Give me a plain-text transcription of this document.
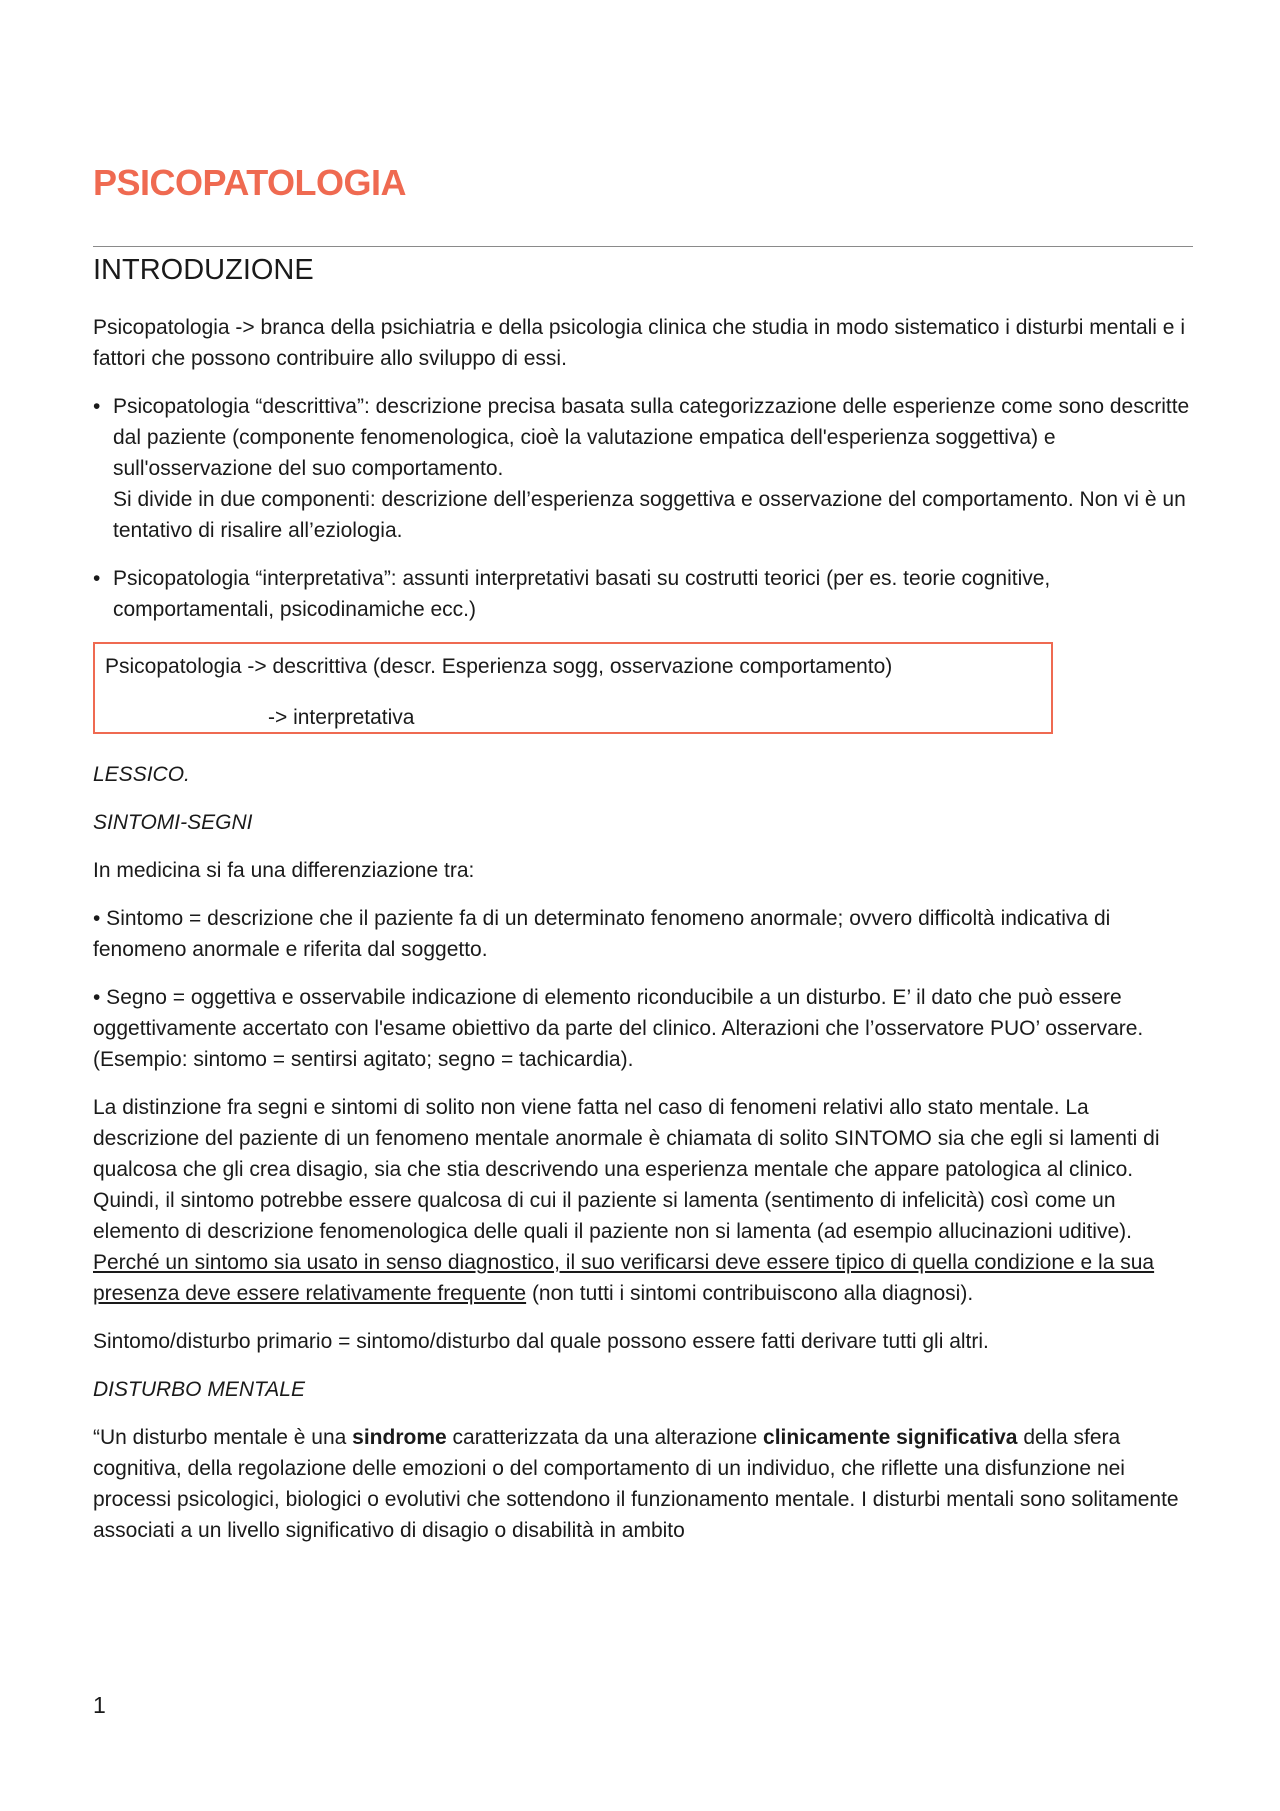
PSICOPATOLOGIA
INTRODUZIONE

Psicopatologia -> branca della psichiatria e della psicologia clinica che studia in modo sistematico i disturbi mentali e i fattori che possono contribuire allo sviluppo di essi.

• Psicopatologia “descrittiva”: descrizione precisa basata sulla categorizzazione delle esperienze come sono descritte dal paziente (componente fenomenologica, cioè la valutazione empatica dell'esperienza soggettiva) e sull'osservazione del suo comportamento.
Si divide in due componenti: descrizione dell’esperienza soggettiva e osservazione del comportamento. Non vi è un tentativo di risalire all’eziologia.
• Psicopatologia “interpretativa”: assunti interpretativi basati su costrutti teorici (per es. teorie cognitive, comportamentali, psicodinamiche ecc.)
Psicopatologia -> descrittiva (descr. Esperienza sogg, osservazione comportamento)
-> interpretativa

LESSICO.

SINTOMI-SEGNI

In medicina si fa una differenziazione tra:

• Sintomo = descrizione che il paziente fa di un determinato fenomeno anormale; ovvero difficoltà indicativa di fenomeno anormale e riferita dal soggetto.

• Segno = oggettiva e osservabile indicazione di elemento riconducibile a un disturbo. E’ il dato che può essere oggettivamente accertato con l'esame obiettivo da parte del clinico. Alterazioni che l’osservatore PUO’ osservare.
(Esempio: sintomo = sentirsi agitato; segno = tachicardia).

La distinzione fra segni e sintomi di solito non viene fatta nel caso di fenomeni relativi allo stato mentale. La descrizione del paziente di un fenomeno mentale anormale è chiamata di solito SINTOMO sia che egli si lamenti di qualcosa che gli crea disagio, sia che stia descrivendo una esperienza mentale che appare patologica al clinico. Quindi, il sintomo potrebbe essere qualcosa di cui il paziente si lamenta (sentimento di infelicità) così come un elemento di descrizione fenomenologica delle quali il paziente non si lamenta (ad esempio allucinazioni uditive).
Perché un sintomo sia usato in senso diagnostico, il suo verificarsi deve essere tipico di quella condizione e la sua presenza deve essere relativamente frequente (non tutti i sintomi contribuiscono alla diagnosi).

Sintomo/disturbo primario = sintomo/disturbo dal quale possono essere fatti derivare tutti gli altri.

DISTURBO MENTALE

“Un disturbo mentale è una sindrome caratterizzata da una alterazione clinicamente significativa della sfera cognitiva, della regolazione delle emozioni o del comportamento di un individuo, che riflette una disfunzione nei processi psicologici, biologici o evolutivi che sottendono il funzionamento mentale. I disturbi mentali sono solitamente associati a un livello significativo di disagio o disabilità in ambito

1
